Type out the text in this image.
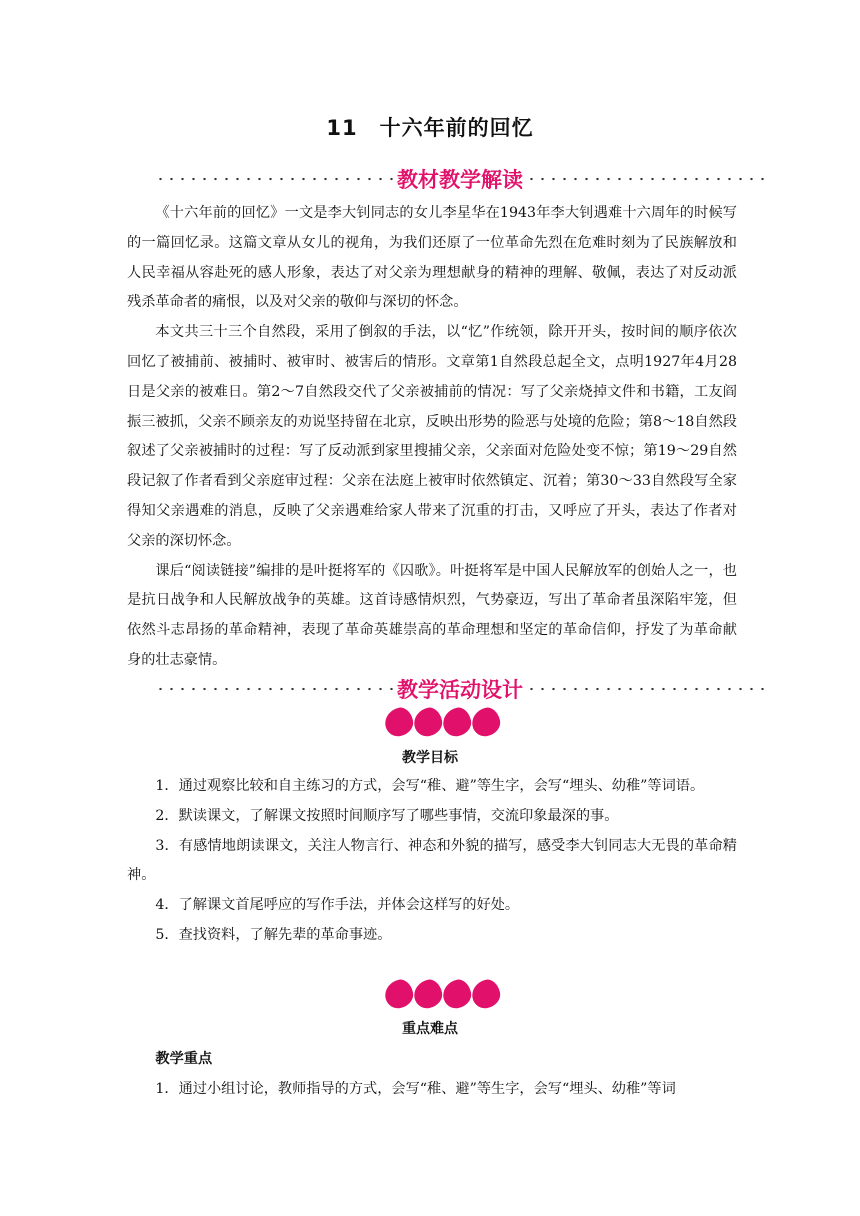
11　十六年前的回忆
教材教学解读

《十六年前的回忆》一文是李大钊同志的女儿李星华在1943年李大钊遇难十六周年的时候写的一篇回忆录。这篇文章从女儿的视角，为我们还原了一位革命先烈在危难时刻为了民族解放和人民幸福从容赴死的感人形象，表达了对父亲为理想献身的精神的理解、敬佩，表达了对反动派残杀革命者的痛恨，以及对父亲的敬仰与深切的怀念。

本文共三十三个自然段，采用了倒叙的手法，以“忆”作统领，除开开头，按时间的顺序依次回忆了被捕前、被捕时、被审时、被害后的情形。文章第1自然段总起全文，点明1927年4月28日是父亲的被难日。第2～7自然段交代了父亲被捕前的情况：写了父亲烧掉文件和书籍，工友阎振三被抓，父亲不顾亲友的劝说坚持留在北京，反映出形势的险恶与处境的危险；第8～18自然段叙述了父亲被捕时的过程：写了反动派到家里搜捕父亲，父亲面对危险处变不惊；第19～29自然段记叙了作者看到父亲庭审过程：父亲在法庭上被审时依然镇定、沉着；第30～33自然段写全家得知父亲遇难的消息，反映了父亲遇难给家人带来了沉重的打击，又呼应了开头，表达了作者对父亲的深切怀念。

课后“阅读链接”编排的是叶挺将军的《囚歌》。叶挺将军是中国人民解放军的创始人之一，也是抗日战争和人民解放战争的英雄。这首诗感情炽烈，气势豪迈，写出了革命者虽深陷牢笼，但依然斗志昂扬的革命精神，表现了革命英雄崇高的革命理想和坚定的革命信仰，抒发了为革命献身的壮志豪情。

教学活动设计
教学目标

1．通过观察比较和自主练习的方式，会写“稚、避”等生字，会写“埋头、幼稚”等词语。

2．默读课文，了解课文按照时间顺序写了哪些事情，交流印象最深的事。

3．有感情地朗读课文，关注人物言行、神态和外貌的描写，感受李大钊同志大无畏的革命精神。

4．了解课文首尾呼应的写作手法，并体会这样写的好处。

5．查找资料，了解先辈的革命事迹。

重点难点

教学重点

1．通过小组讨论，教师指导的方式，会写“稚、避”等生字，会写“埋头、幼稚”等词
